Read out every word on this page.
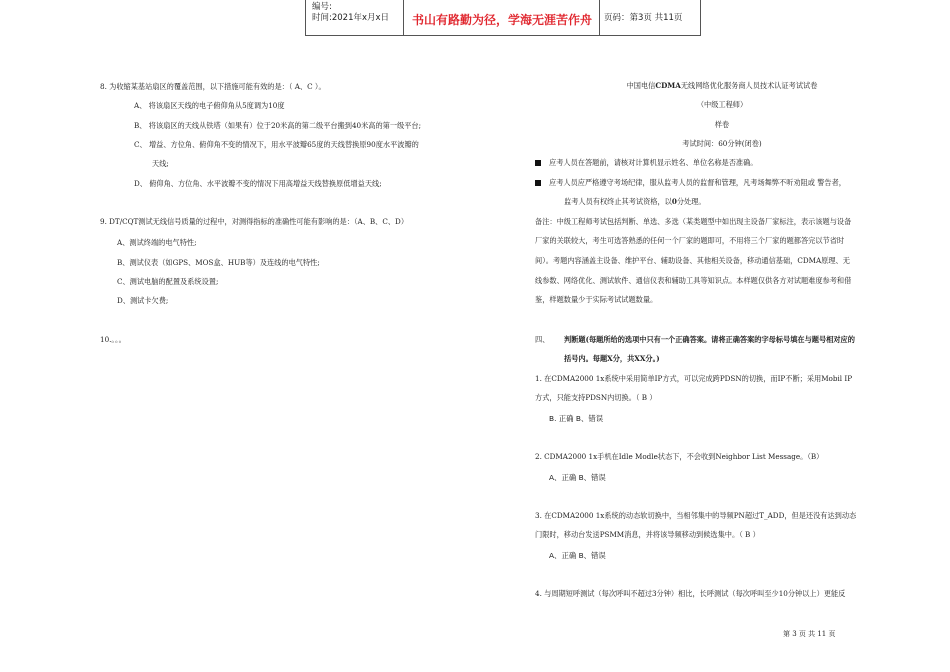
编号:
时间:2021年x月x日	书山有路勤为径，学海无涯苦作舟	页码：第3页 共11页
8. 为收缩某基站扇区的覆盖范围，以下措施可能有效的是：（ A、C ）。
A、 将该扇区天线的电子俯仰角从5度调为10度
B、 将该扇区的天线从铁塔（如果有）位于20米高的第二级平台搬到40米高的第一级平台;
C、 增益、方位角、俯仰角不变的情况下，用水平波瓣65度的天线替换原90度水平波瓣的
天线;
D、 俯仰角、方位角、水平波瓣不变的情况下用高增益天线替换原低增益天线;
9. DT/CQT测试无线信号质量的过程中，对测得指标的准确性可能有影响的是：（A、B、C、D）
A、测试终端的电气特性;
B、测试仪表（如GPS、MOS盒、HUB等）及连线的电气特性;
C、测试电脑的配置及系统设置;
D、测试卡欠费;
10.。。。
中国电信CDMA无线网络优化服务商人员技术认证考试试卷
（中级工程师）
样卷
考试时间：60分钟(闭卷)
应考人员在答题前，请核对计算机显示姓名、单位名称是否准确。
应考人员应严格遵守考场纪律，服从监考人员的监督和管理，凡考场舞弊不听劝阻或 警告者，
监考人员有权终止其考试资格，以0分处理。
备注：中级工程师考试包括判断、单选、多选（某类题型中如出现主设备厂家标注，表示该题与设备
厂家的关联较大，考生可选答熟悉的任何一个厂家的题即可，不用将三个厂家的题都答完以节省时
间）。考题内容涵盖主设备、维护平台、辅助设备、其他相关设备，移动通信基础，CDMA原理、无
线参数、网络优化、测试软件、通信仪表和辅助工具等知识点。本样题仅供各方对试题难度参考和借
鉴，样题数量少于实际考试试题数量。
四、 判断题(每题所给的选项中只有一个正确答案。请将正确答案的字母标号填在与题号相对应的
括号内。每题X分，共XX分。)
1. 在CDMA2000 1x系统中采用简单IP方式，可以完成跨PDSN的切换，而IP不断；采用Mobil IP
方式，只能支持PDSN内切换。（ B ）
B. 正确 B、错误
2. CDMA2000 1x手机在Idle Modle状态下，不会收到Neighbor List Message。（B）
A、正确 B、错误
3. 在CDMA2000 1x系统的动态软切换中，当相邻集中的导频PN超过T_ADD，但是还没有达到动态
门限时，移动台发送PSMM消息，并将该导频移动到候选集中。（ B ）
A、正确 B、错误
4. 与周期短呼测试（每次呼叫不超过3分钟）相比，长呼测试（每次呼叫至少10分钟以上）更能反
第 3 页 共 11 页
